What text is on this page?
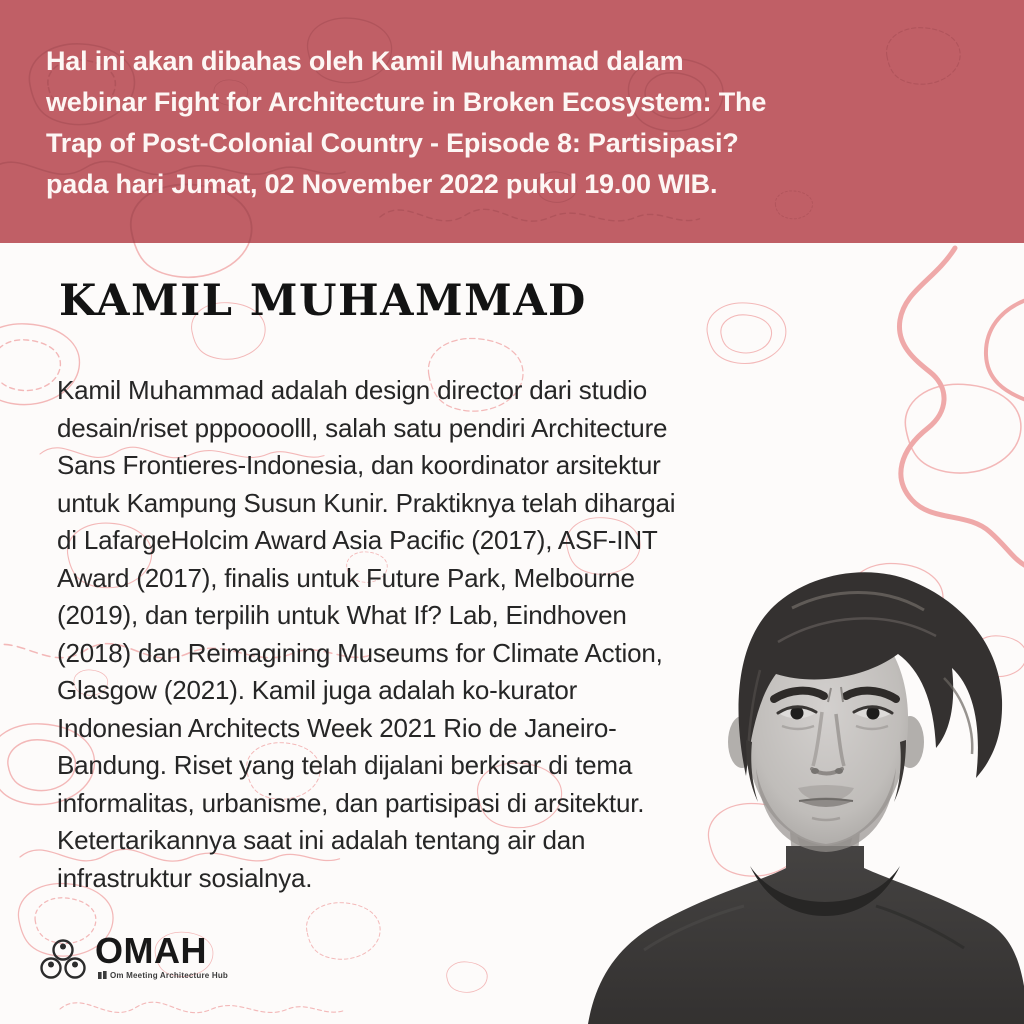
Hal ini akan dibahas oleh Kamil Muhammad dalam
webinar Fight for Architecture in Broken Ecosystem: The
Trap of Post-Colonial Country - Episode 8: Partisipasi?
pada hari Jumat, 02 November 2022 pukul 19.00 WIB.
KAMIL MUHAMMAD
Kamil Muhammad adalah design director dari studio desain/riset pppoooolll, salah satu pendiri Architecture Sans Frontieres-Indonesia, dan koordinator arsitektur untuk Kampung Susun Kunir. Praktiknya telah dihargai di LafargeHolcim Award Asia Pacific (2017), ASF-INT Award (2017), finalis untuk Future Park, Melbourne (2019), dan terpilih untuk What If? Lab, Eindhoven (2018) dan Reimagining Museums for Climate Action, Glasgow (2021). Kamil juga adalah ko-kurator Indonesian Architects Week 2021 Rio de Janeiro-Bandung. Riset yang telah dijalani berkisar di tema informalitas, urbanisme, dan partisipasi di arsitektur. Ketertarikannya saat ini adalah tentang air dan infrastruktur sosialnya.
OMAH
Om Meeting Architecture Hub
